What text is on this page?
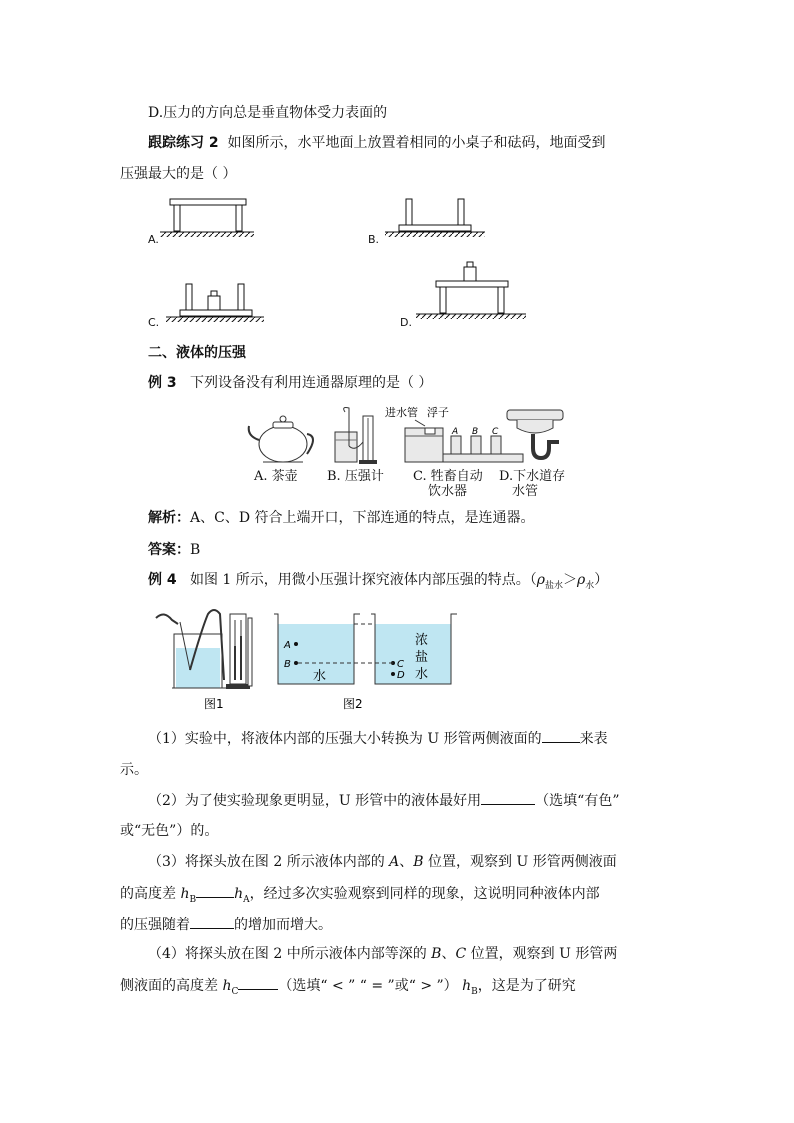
D.压力的方向总是垂直物体受力表面的
跟踪练习 2 如图所示，水平地面上放置着相同的小桌子和砝码，地面受到
压强最大的是（ ）
A.	B.
C.	D.
二、液体的压强
例 3 下列设备没有利用连通器原理的是（ ）
A B C
进水管 浮子
A. 茶壶 B. 压强计 C. 牲畜自动
饮水器
D.下水道存
水管
解析：A、C、D 符合上端开口，下部连通的特点，是连通器。
答案：B
例 4 如图 1 所示，用微小压强计探究液体内部压强的特点。$(\rho_{盐水}>\rho_水)$
A
B	C
D
水
浓
盐
水
图1	图2
（1）实验中，将液体内部的压强大小转换为 U 形管两侧液面的	来表
示。
（2）为了使实验现象更明显，U 形管中的液体最好用	（选填“有色”
或“无色”）的。
（3）将探头放在图 2 所示液体内部的 A、B 位置，观察到 U 形管两侧液面
的高度差 $h_B$	$h_A$，经过多次实验观察到同样的现象，这说明同种液体内部
的压强随着	的增加而增大。
（4）将探头放在图 2 中所示液体内部等深的 B、C 位置，观察到 U 形管两
侧液面的高度差 $h_C$	（选填“ < ” “ = ”或“ > ”） $h_B$，这是为了研究
